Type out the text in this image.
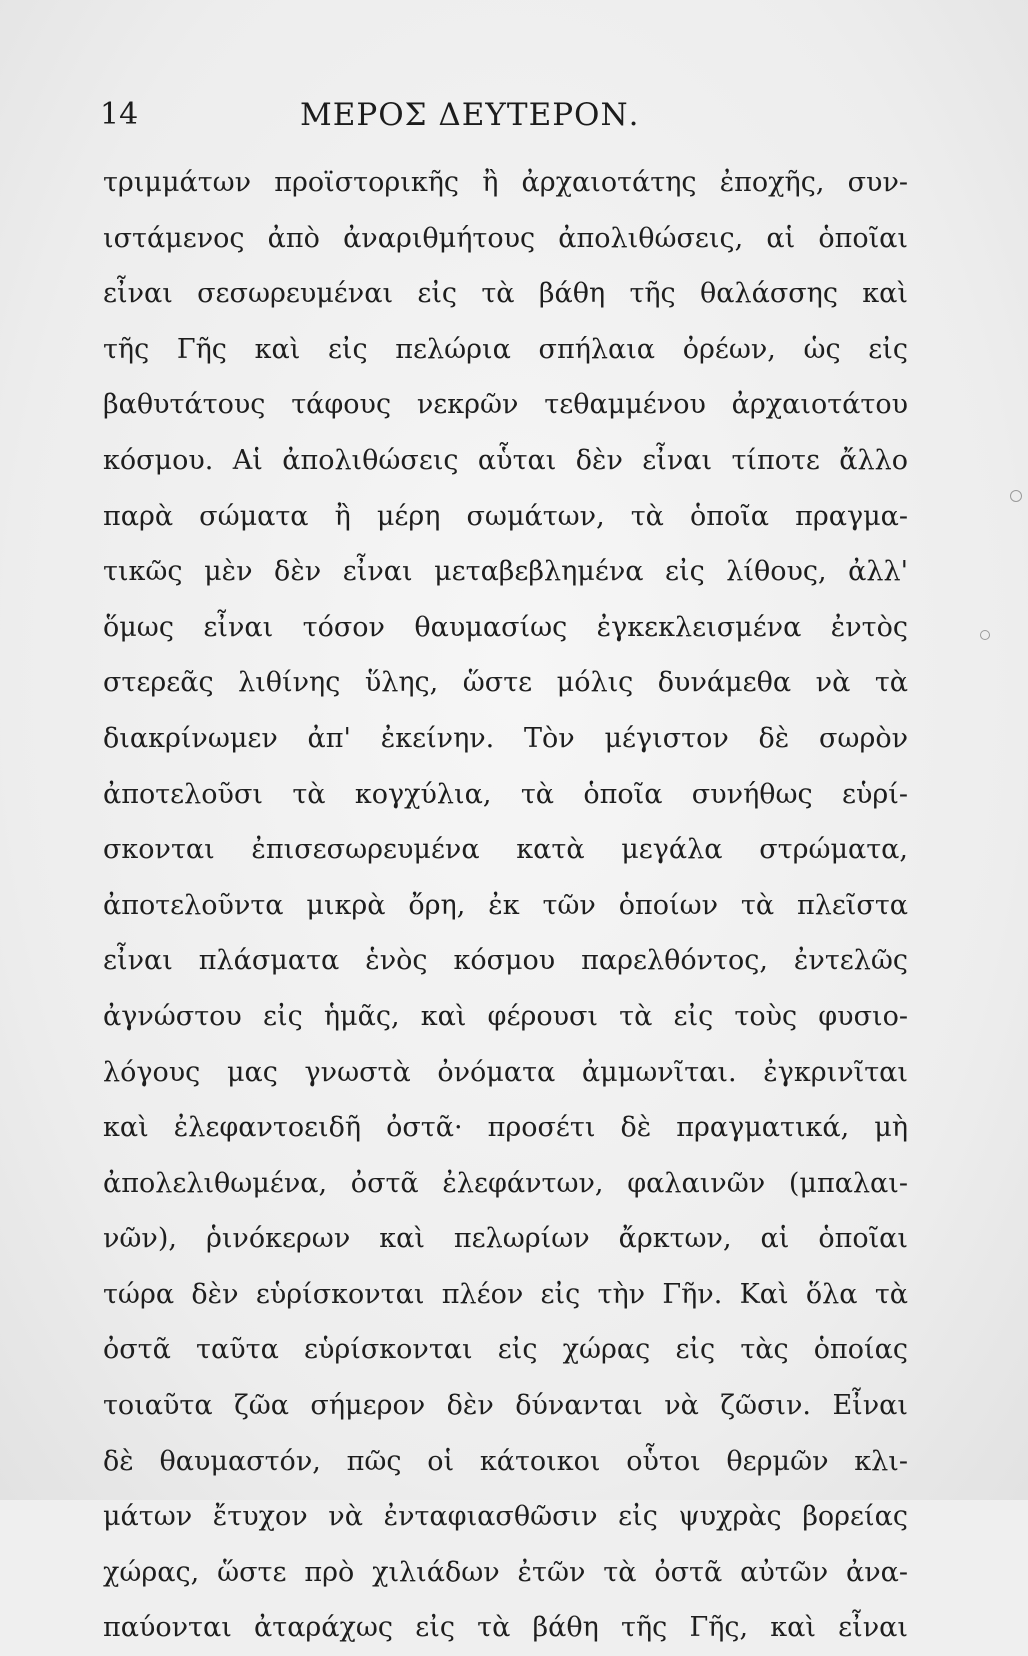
14	ΜΕΡΟΣ ΔΕΥΤΕΡΟΝ.
τριμμάτων προϊστορικῆς ἢ ἀρχαιοτάτης ἐποχῆς, συν-
ιστάμενος ἀπὸ ἀναριθμήτους ἀπολιθώσεις, αἱ ὁποῖαι
εἶναι σεσωρευμέναι εἰς τὰ βάθη τῆς θαλάσσης καὶ
τῆς Γῆς καὶ εἰς πελώρια σπήλαια ὀρέων, ὡς εἰς
βαθυτάτους τάφους νεκρῶν τεθαμμένου ἀρχαιοτάτου
κόσμου. Αἱ ἀπολιθώσεις αὗται δὲν εἶναι τίποτε ἄλλο
παρὰ σώματα ἢ μέρη σωμάτων, τὰ ὁποῖα πραγμα-
τικῶς μὲν δὲν εἶναι μεταβεβλημένα εἰς λίθους, ἀλλ'
ὅμως εἶναι τόσον θαυμασίως ἐγκεκλεισμένα ἐντὸς
στερεᾶς λιθίνης ὕλης, ὥστε μόλις δυνάμεθα νὰ τὰ
διακρίνωμεν ἀπ' ἐκείνην. Τὸν μέγιστον δὲ σωρὸν
ἀποτελοῦσι τὰ κογχύλια, τὰ ὁποῖα συνήθως εὑρί-
σκονται ἐπισεσωρευμένα κατὰ μεγάλα στρώματα,
ἀποτελοῦντα μικρὰ ὄρη, ἐκ τῶν ὁποίων τὰ πλεῖστα
εἶναι πλάσματα ἑνὸς κόσμου παρελθόντος, ἐντελῶς
ἀγνώστου εἰς ἡμᾶς, καὶ φέρουσι τὰ εἰς τοὺς φυσιο-
λόγους μας γνωστὰ ὀνόματα ἀμμωνῖται. ἐγκρινῖται
καὶ ἐλεφαντοειδῆ ὀστᾶ· προσέτι δὲ πραγματικά, μὴ
ἀπολελιθωμένα, ὀστᾶ ἐλεφάντων, φαλαινῶν (μπαλαι-
νῶν), ῥινόκερων καὶ πελωρίων ἄρκτων, αἱ ὁποῖαι
τώρα δὲν εὑρίσκονται πλέον εἰς τὴν Γῆν. Καὶ ὅλα τὰ
ὀστᾶ ταῦτα εὑρίσκονται εἰς χώρας εἰς τὰς ὁποίας
τοιαῦτα ζῶα σήμερον δὲν δύνανται νὰ ζῶσιν. Εἶναι
δὲ θαυμαστόν, πῶς οἱ κάτοικοι οὗτοι θερμῶν κλι-
μάτων ἔτυχον νὰ ἐνταφιασθῶσιν εἰς ψυχρὰς βορείας
χώρας, ὥστε πρὸ χιλιάδων ἐτῶν τὰ ὀστᾶ αὐτῶν ἀνα-
παύονται ἀταράχως εἰς τὰ βάθη τῆς Γῆς, καὶ εἶναι
